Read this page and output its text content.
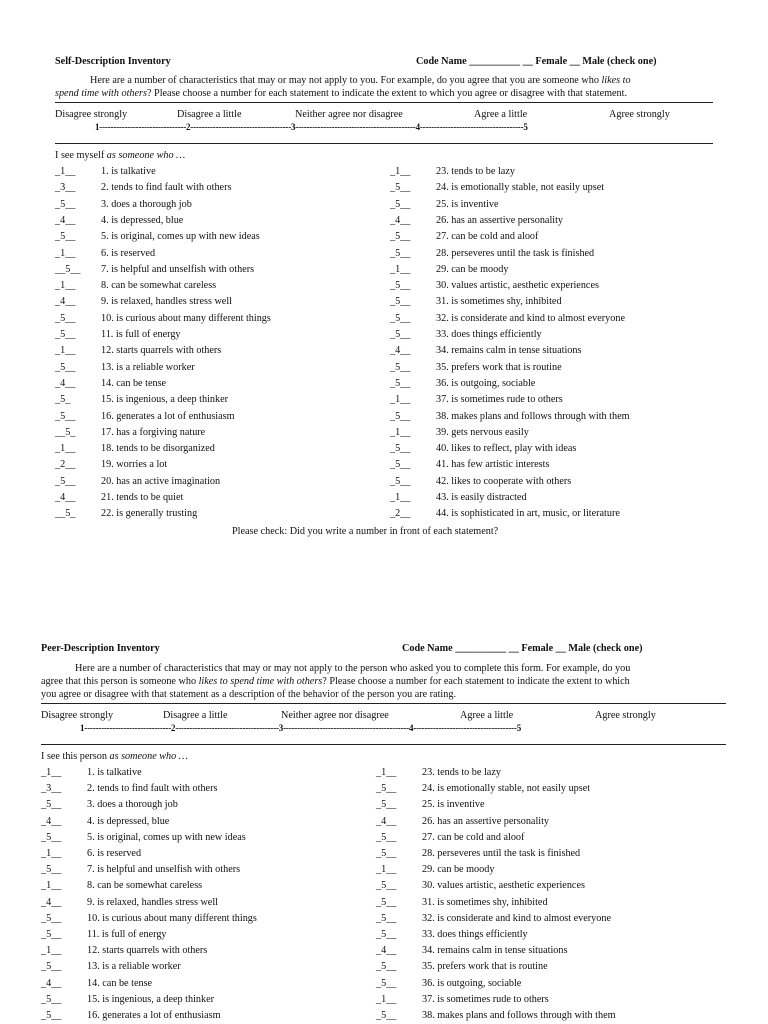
Self-Description Inventory	Code Name __________ __ Female __ Male (check one)
Here are a number of characteristics that may or may not apply to you. For example, do you agree that you are someone who likes to
spend time with others? Please choose a number for each statement to indicate the extent to which you agree or disagree with that statement.
Disagree strongly	Disagree a little	Neither agree nor disagree	Agree a little	Agree strongly
1-------------------------------2------------------------------------3-------------------------------------------4-------------------------------------5
I see myself as someone who …
_1__	1. is talkative
_3__	2. tends to find fault with others
_5__	3. does a thorough job
_4__	4. is depressed, blue
_5__	5. is original, comes up with new ideas
_1__	6. is reserved
__5__ 7. is helpful and unselfish with others
_1__	8. can be somewhat careless
_4__	9. is relaxed, handles stress well
_5__	10. is curious about many different things
_5__	11. is full of energy
_1__	12. starts quarrels with others
_5__	13. is a reliable worker
_4__	14. can be tense
_5_	15. is ingenious, a deep thinker
_5__	16. generates a lot of enthusiasm
__5_	17. has a forgiving nature
_1__	18. tends to be disorganized
_2__	19. worries a lot
_5__	20. has an active imagination
_4__	21. tends to be quiet
__5_	22. is generally trusting
_1__	23. tends to be lazy
_5__	24. is emotionally stable, not easily upset
_5__	25. is inventive
_4__	26. has an assertive personality
_5__	27. can be cold and aloof
_5__	28. perseveres until the task is finished
_1__	29. can be moody
_5__	30. values artistic, aesthetic experiences
_5__	31. is sometimes shy, inhibited
_5__	32. is considerate and kind to almost everyone
_5__	33. does things efficiently
_4__	34. remains calm in tense situations
_5__	35. prefers work that is routine
_5__	36. is outgoing, sociable
_1__	37. is sometimes rude to others
_5__	38. makes plans and follows through with them
_1__	39. gets nervous easily
_5__	40. likes to reflect, play with ideas
_5__	41. has few artistic interests
_5__	42. likes to cooperate with others
_1__	43. is easily distracted
_2__	44. is sophisticated in art, music, or literature
Please check: Did you write a number in front of each statement?
Peer-Description Inventory	Code Name __________ __ Female __ Male (check one)
Here are a number of characteristics that may or may not apply to the person who asked you to complete this form. For example, do you
agree that this person is someone who likes to spend time with others? Please choose a number for each statement to indicate the extent to which
you agree or disagree with that statement as a description of the behavior of the person you are rating.
Disagree strongly	Disagree a little	Neither agree nor disagree	Agree a little	Agree strongly
1-------------------------------2-------------------------------------3---------------------------------------------4-------------------------------------5
I see this person as someone who …
_1__	1. is talkative
_3__	2. tends to find fault with others
_5__	3. does a thorough job
_4__	4. is depressed, blue
_5__	5. is original, comes up with new ideas
_1__	6. is reserved
_5__	7. is helpful and unselfish with others
_1__	8. can be somewhat careless
_4__	9. is relaxed, handles stress well
_5__	10. is curious about many different things
_5__	11. is full of energy
_1__	12. starts quarrels with others
_5__	13. is a reliable worker
_4__	14. can be tense
_5__	15. is ingenious, a deep thinker
_5__	16. generates a lot of enthusiasm
_1__	23. tends to be lazy
_5__	24. is emotionally stable, not easily upset
_5__	25. is inventive
_4__	26. has an assertive personality
_5__	27. can be cold and aloof
_5__	28. perseveres until the task is finished
_1__	29. can be moody
_5__	30. values artistic, aesthetic experiences
_5__	31. is sometimes shy, inhibited
_5__	32. is considerate and kind to almost everyone
_5__	33. does things efficiently
_4__	34. remains calm in tense situations
_5__	35. prefers work that is routine
_5__	36. is outgoing, sociable
_1__	37. is sometimes rude to others
_5__	38. makes plans and follows through with them
